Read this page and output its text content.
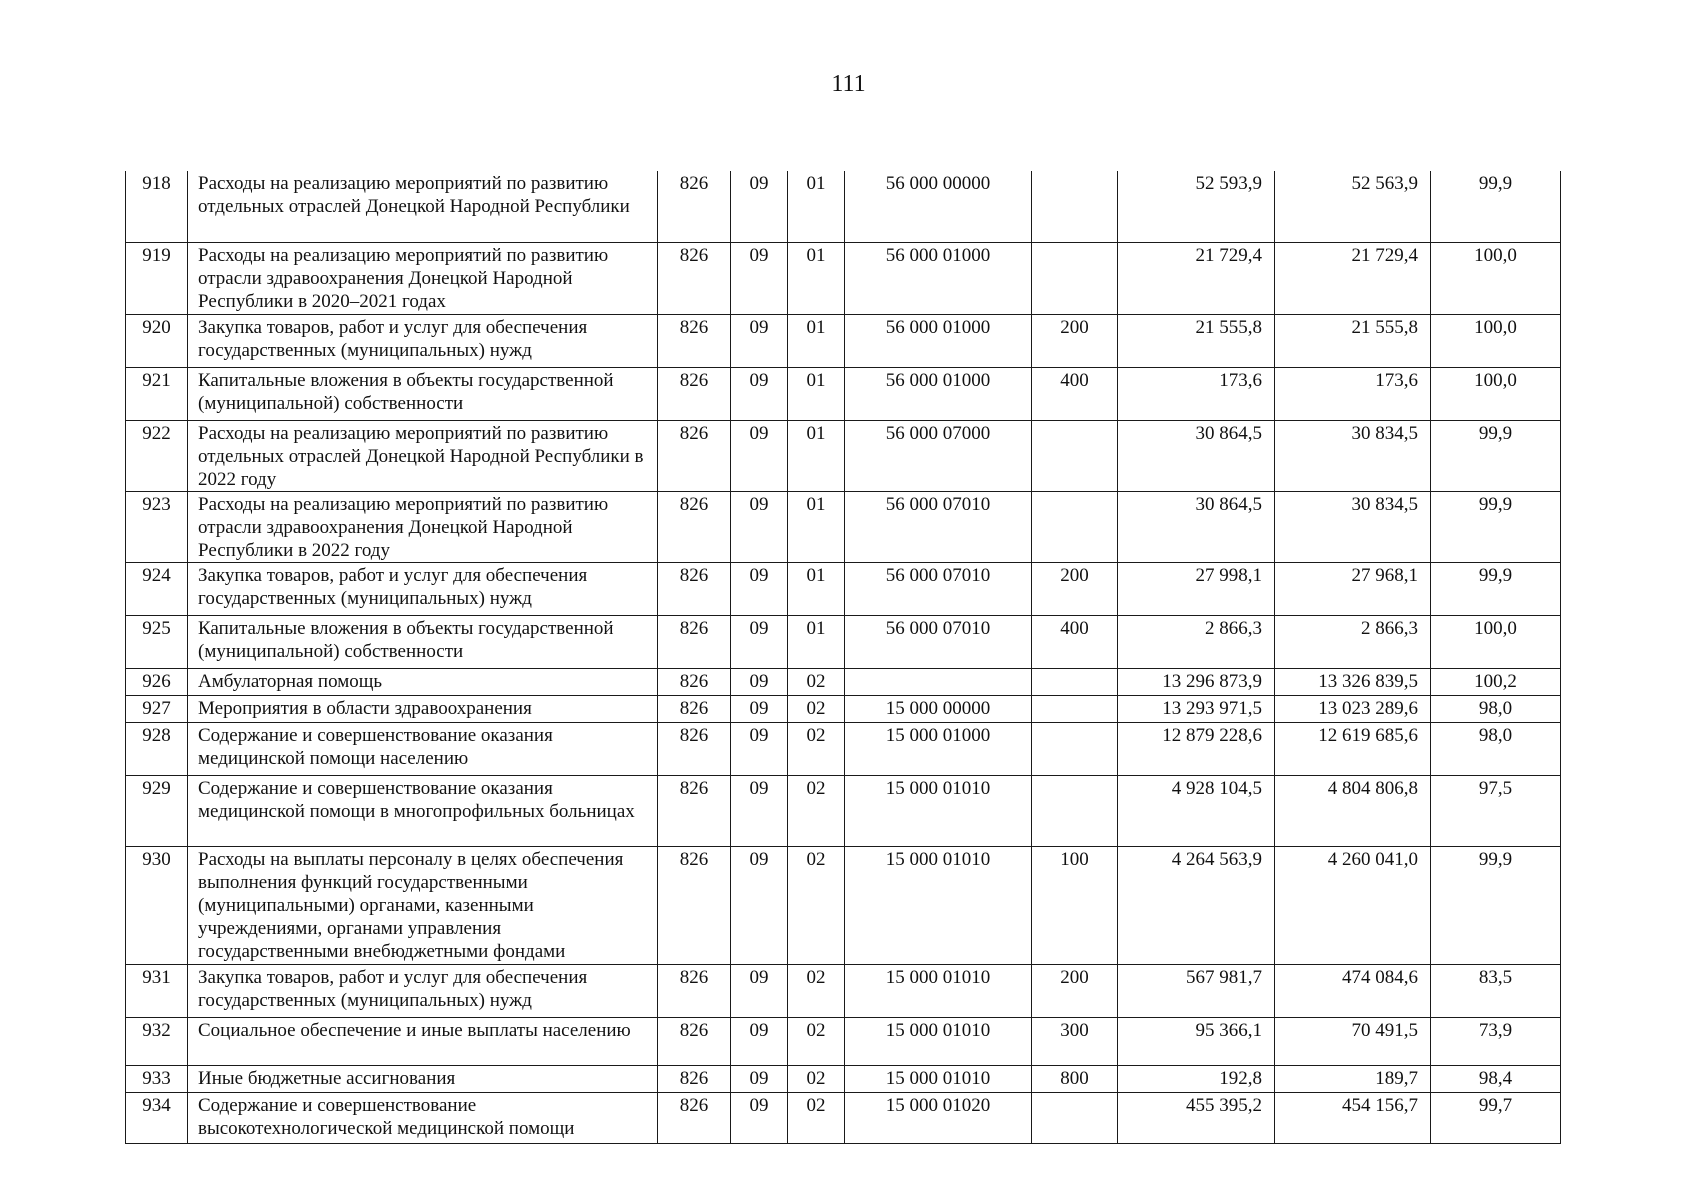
111
918	Расходы на реализацию мероприятий по развитию отдельных отраслей Донецкой Народной Республики	826	09	01	56 000 00000		52 593,9	52 563,9	99,9
919	Расходы на реализацию мероприятий по развитию отрасли здравоохранения Донецкой Народной Республики в 2020–2021 годах	826	09	01	56 000 01000		21 729,4	21 729,4	100,0
920	Закупка товаров, работ и услуг для обеспечения государственных (муниципальных) нужд	826	09	01	56 000 01000	200	21 555,8	21 555,8	100,0
921	Капитальные вложения в объекты государственной (муниципальной) собственности	826	09	01	56 000 01000	400	173,6	173,6	100,0
922	Расходы на реализацию мероприятий по развитию отдельных отраслей Донецкой Народной Республики в 2022 году	826	09	01	56 000 07000		30 864,5	30 834,5	99,9
923	Расходы на реализацию мероприятий по развитию отрасли здравоохранения Донецкой Народной Республики в 2022 году	826	09	01	56 000 07010		30 864,5	30 834,5	99,9
924	Закупка товаров, работ и услуг для обеспечения государственных (муниципальных) нужд	826	09	01	56 000 07010	200	27 998,1	27 968,1	99,9
925	Капитальные вложения в объекты государственной (муниципальной) собственности	826	09	01	56 000 07010	400	2 866,3	2 866,3	100,0
926	Амбулаторная помощь	826	09	02			13 296 873,9	13 326 839,5	100,2
927	Мероприятия в области здравоохранения	826	09	02	15 000 00000		13 293 971,5	13 023 289,6	98,0
928	Содержание и совершенствование оказания медицинской помощи населению	826	09	02	15 000 01000		12 879 228,6	12 619 685,6	98,0
929	Содержание и совершенствование оказания медицинской помощи в многопрофильных больницах	826	09	02	15 000 01010		4 928 104,5	4 804 806,8	97,5
930	Расходы на выплаты персоналу в целях обеспечения выполнения функций государственными (муниципальными) органами, казенными учреждениями, органами управления государственными внебюджетными фондами	826	09	02	15 000 01010	100	4 264 563,9	4 260 041,0	99,9
931	Закупка товаров, работ и услуг для обеспечения государственных (муниципальных) нужд	826	09	02	15 000 01010	200	567 981,7	474 084,6	83,5
932	Социальное обеспечение и иные выплаты населению	826	09	02	15 000 01010	300	95 366,1	70 491,5	73,9
933	Иные бюджетные ассигнования	826	09	02	15 000 01010	800	192,8	189,7	98,4
934	Содержание и совершенствование высокотехнологической медицинской помощи	826	09	02	15 000 01020		455 395,2	454 156,7	99,7
